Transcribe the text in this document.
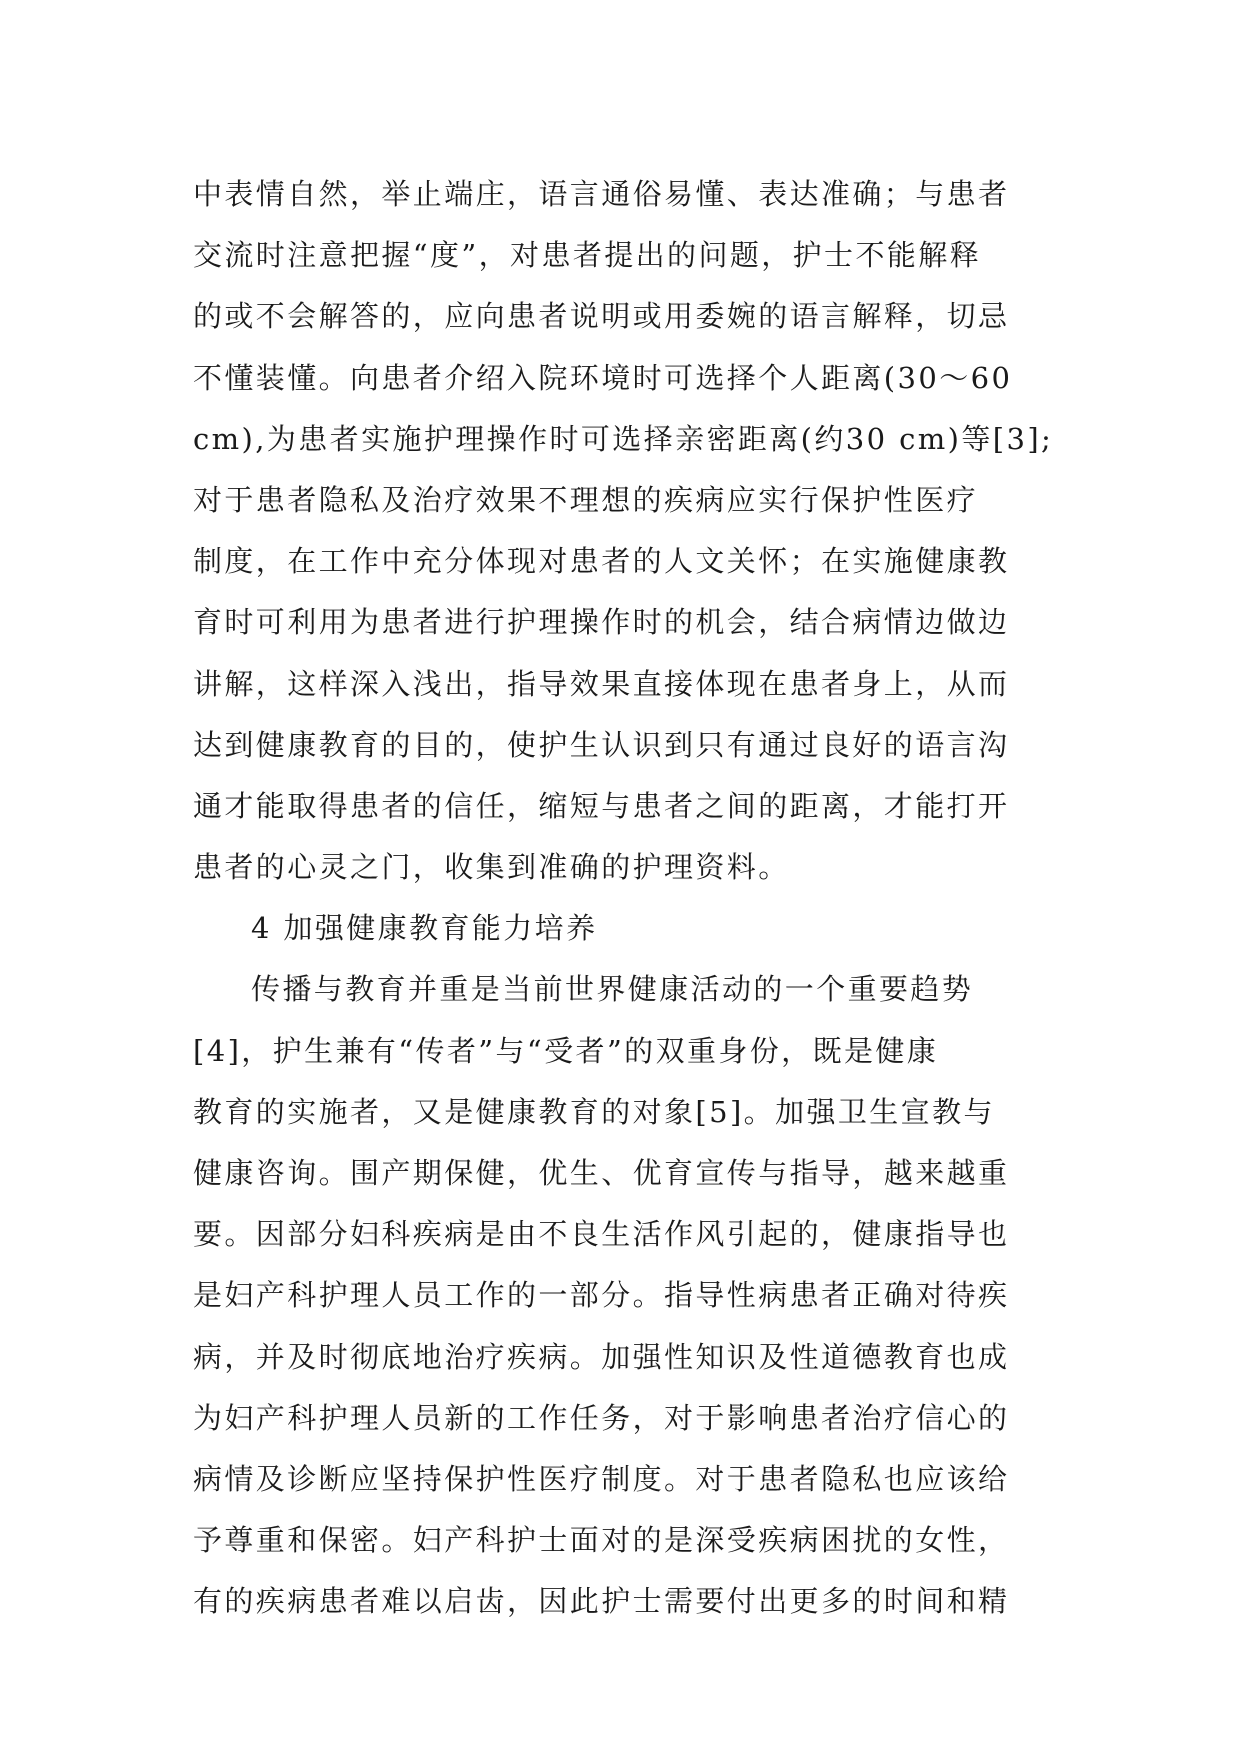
中表情自然，举止端庄，语言通俗易懂、表达准确；与患者
交流时注意把握“度”，对患者提出的问题，护士不能解释
的或不会解答的，应向患者说明或用委婉的语言解释，切忌
不懂装懂。向患者介绍入院环境时可选择个人距离(30～60
cm),为患者实施护理操作时可选择亲密距离(约30 cm)等[3];
对于患者隐私及治疗效果不理想的疾病应实行保护性医疗
制度，在工作中充分体现对患者的人文关怀；在实施健康教
育时可利用为患者进行护理操作时的机会，结合病情边做边
讲解，这样深入浅出，指导效果直接体现在患者身上，从而
达到健康教育的目的，使护生认识到只有通过良好的语言沟
通才能取得患者的信任，缩短与患者之间的距离，才能打开
患者的心灵之门，收集到准确的护理资料。
4 加强健康教育能力培养
传播与教育并重是当前世界健康活动的一个重要趋势
[4]，护生兼有“传者”与“受者”的双重身份，既是健康
教育的实施者，又是健康教育的对象[5]。加强卫生宣教与
健康咨询。围产期保健，优生、优育宣传与指导，越来越重
要。因部分妇科疾病是由不良生活作风引起的，健康指导也
是妇产科护理人员工作的一部分。指导性病患者正确对待疾
病，并及时彻底地治疗疾病。加强性知识及性道德教育也成
为妇产科护理人员新的工作任务，对于影响患者治疗信心的
病情及诊断应坚持保护性医疗制度。对于患者隐私也应该给
予尊重和保密。妇产科护士面对的是深受疾病困扰的女性，
有的疾病患者难以启齿，因此护士需要付出更多的时间和精
